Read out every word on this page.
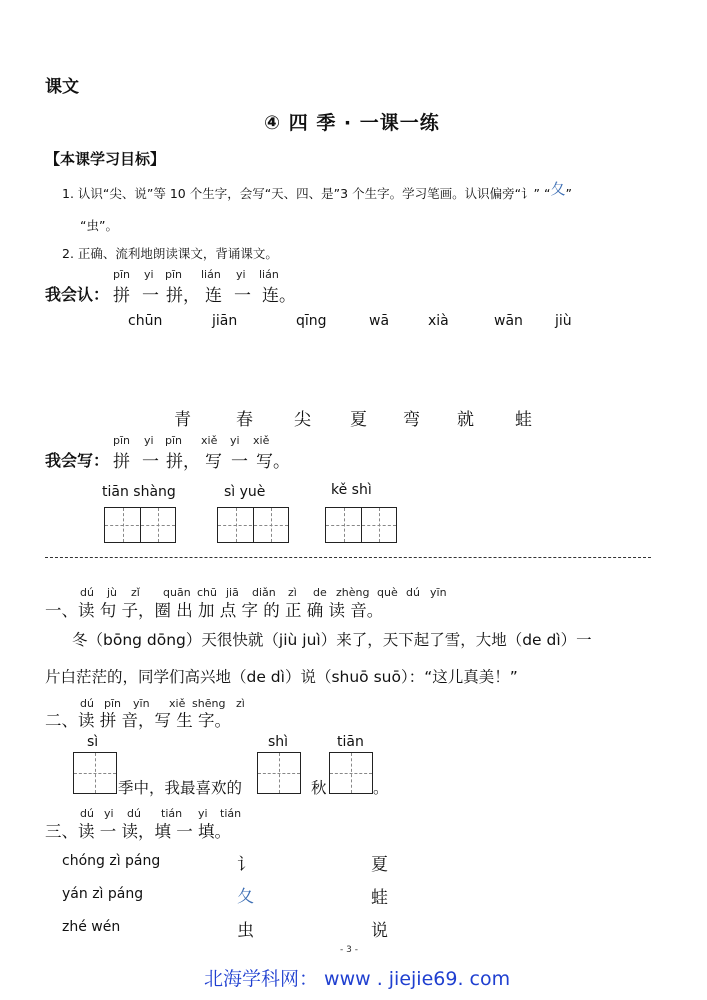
课文
④ 四 季 · 一课一练
【本课学习目标】
1. 认识“尖、说”等 10 个生字，会写“天、四、是”3 个生字。学习笔画。认识偏旁“讠” “夂”
“虫”。
2. 正确、流利地朗读课文，背诵课文。
我会认：
pīn yi pīn lián yi lián
拼 一 拼， 连 一 连。
chūn	jiān	qīng	wā	xià	wān jiù
青	春 尖 夏 弯 就 蛙
我会写：
pīn yi pīn xiě yi xiě
拼 一 拼， 写 一 写。
tiān shàng	sì yuè	kě shì
dú jù zǐ quān chū jiā diǎn zì de zhèng què dú yīn
一、读 句 子，圈 出 加 点 字 的 正 确 读 音。
冬（bōng dōng）天很快就（jiù juì）来了，天下起了雪，大地（de dì）一
片白茫茫的，同学们高兴地（de dì）说（shuō suō）：“这儿真美！”
dú pīn yīn xiě shēng zì
二、读 拼 音，写 生 字。
sì	shì	tiān
季中，我最喜欢的	秋	。
dú yi dú tián yi tián
三、读 一 读，填 一 填。
chóng zì páng	讠	夏
yán zì páng	夂	蛙
zhé wén	虫	说
- 3 -
北海学科网： www . jiejie69. com
